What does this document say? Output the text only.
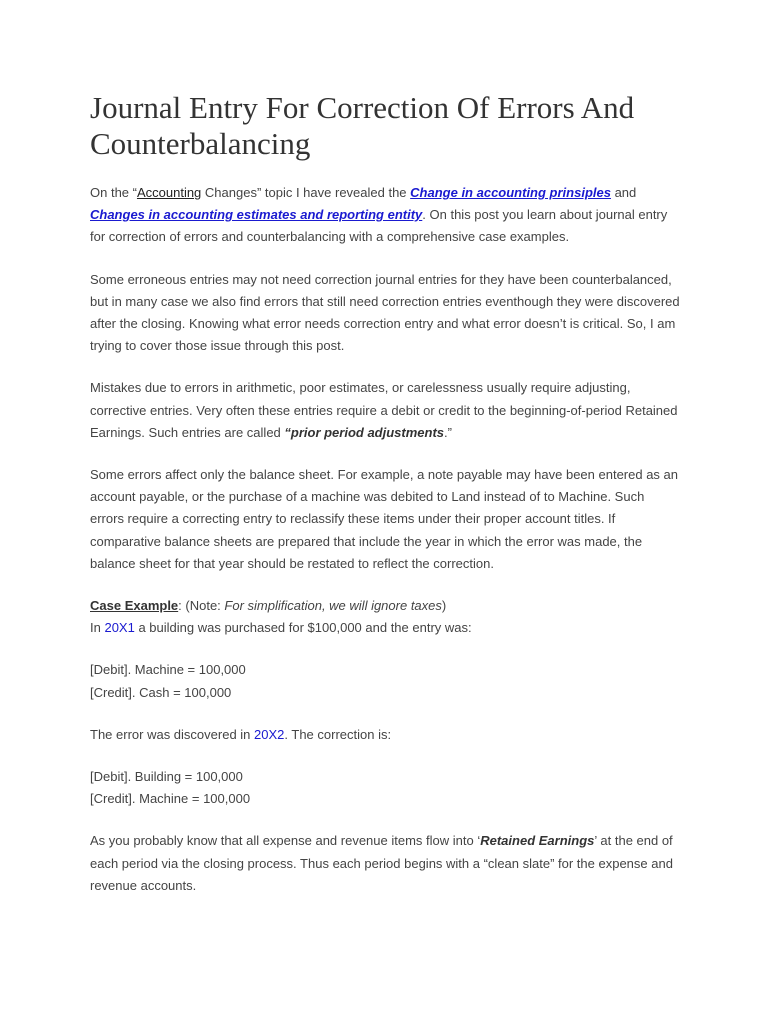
Journal Entry For Correction Of Errors And Counterbalancing

On the “Accounting Changes” topic I have revealed the Change in accounting prinsiples and Changes in accounting estimates and reporting entity. On this post you learn about journal entry for correction of errors and counterbalancing with a comprehensive case examples.

Some erroneous entries may not need correction journal entries for they have been counterbalanced, but in many case we also find errors that still need correction entries eventhough they were discovered after the closing. Knowing what error needs correction entry and what error doesn’t is critical. So, I am trying to cover those issue through this post.

Mistakes due to errors in arithmetic, poor estimates, or carelessness usually require adjusting, corrective entries. Very often these entries require a debit or credit to the beginning-of-period Retained Earnings. Such entries are called “prior period adjustments.”

Some errors affect only the balance sheet. For example, a note payable may have been entered as an account payable, or the purchase of a machine was debited to Land instead of to Machine. Such errors require a correcting entry to reclassify these items under their proper account titles. If comparative balance sheets are prepared that include the year in which the error was made, the balance sheet for that year should be restated to reflect the correction.

Case Example: (Note: For simplification, we will ignore taxes)
In 20X1 a building was purchased for $100,000 and the entry was:

[Debit]. Machine = 100,000
[Credit]. Cash = 100,000

The error was discovered in 20X2. The correction is:

[Debit]. Building = 100,000
[Credit]. Machine = 100,000

As you probably know that all expense and revenue items flow into ‘Retained Earnings’ at the end of each period via the closing process. Thus each period begins with a “clean slate” for the expense and revenue accounts.
